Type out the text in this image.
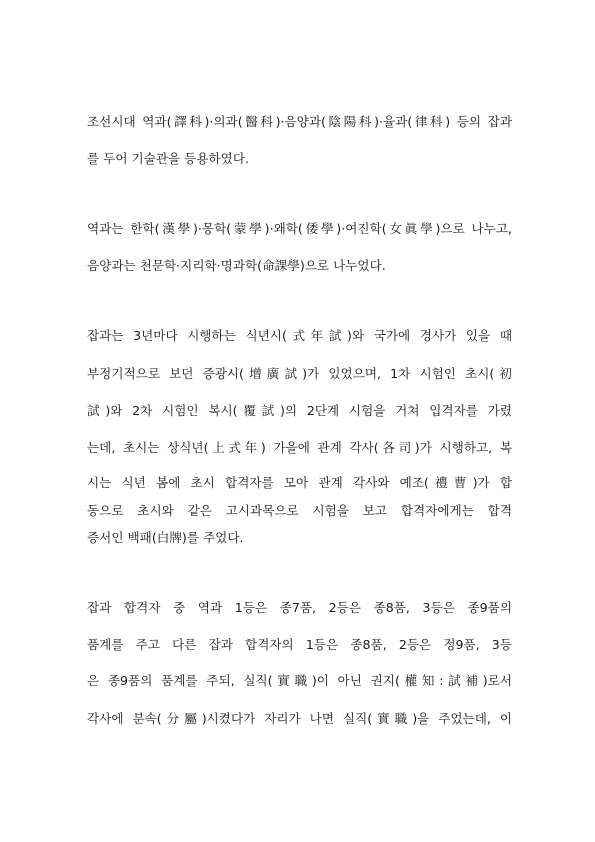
조선시대 역과(譯科)·의과(醫科)·음양과(陰陽科)·율과(律科) 등의 잡과
를 두어 기술관을 등용하였다.
역과는 한학(漢學)·몽학(蒙學)·왜학(倭學)·여진학(女眞學)으로 나누고,
음양과는 천문학·지리학·명과학(命課學)으로 나누었다.
잡과는 3년마다 시행하는 식년시(式年試)와 국가에 경사가 있을 때
부정기적으로 보던 증광시(增廣試)가 있었으며, 1차 시험인 초시(初
試)와 2차 시험인 복시(覆試)의 2단계 시험을 거쳐 입격자를 가렸
는데, 초시는 상식년(上式年) 가을에 관계 각사(各司)가 시행하고, 복
시는 식년 봄에 초시 합격자를 모아 관계 각사와 예조(禮曹)가 합
동으로 초시와 같은 고시과목으로 시험을 보고 합격자에게는 합격
증서인 백패(白牌)를 주었다.
잡과 합격자 중 역과 1등은 종7품, 2등은 종8품, 3등은 종9품의
품계를 주고 다른 잡과 합격자의 1등은 종8품, 2등은 정9품, 3등
은 종9품의 품계를 주되, 실직(實職)이 아닌 권지(權知:試補)로서
각사에 분속(分屬)시켰다가 자리가 나면 실직(實職)을 주었는데, 이
